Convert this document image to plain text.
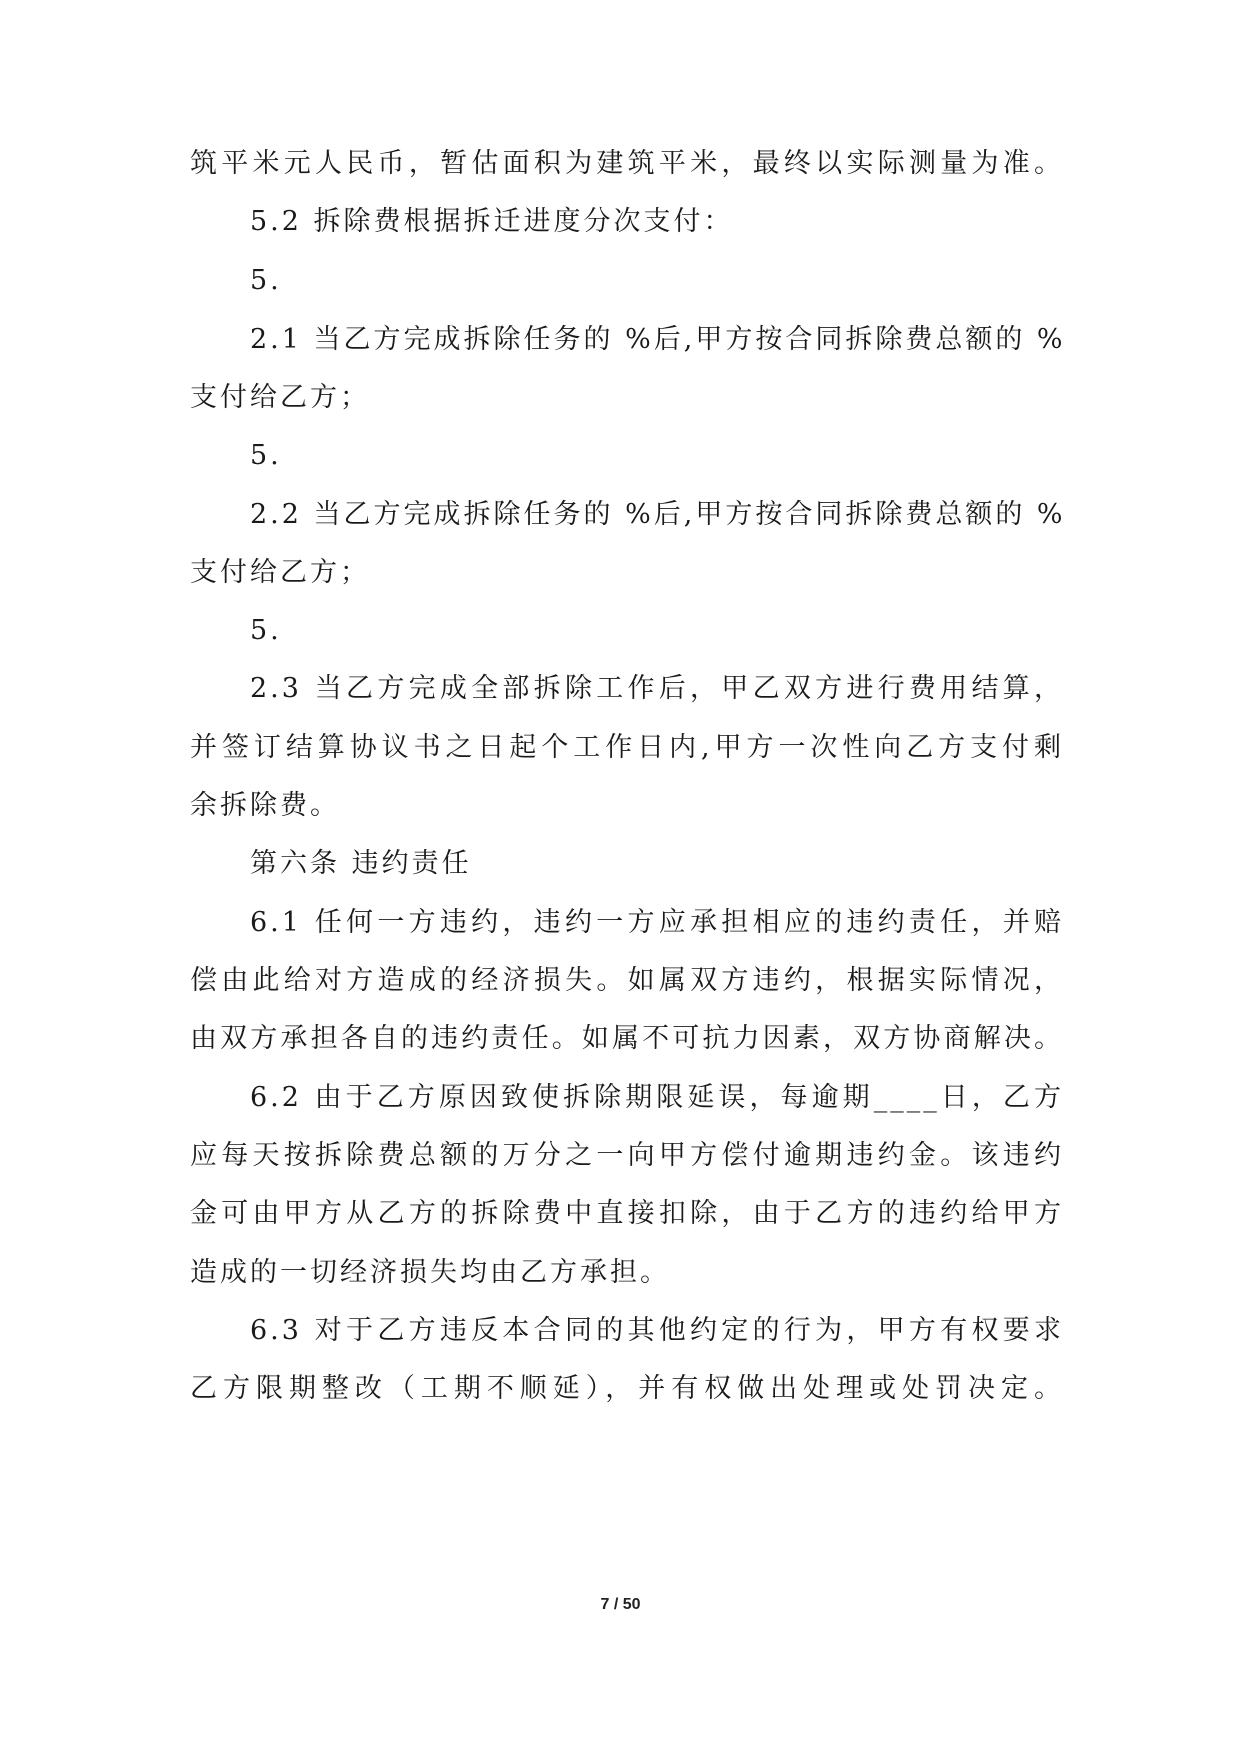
筑平米元人民币，暂估面积为建筑平米，最终以实际测量为准。
5.2 拆除费根据拆迁进度分次支付：
5.
2.1 当乙方完成拆除任务的 %后,甲方按合同拆除费总额的 %
支付给乙方；
5.
2.2 当乙方完成拆除任务的 %后,甲方按合同拆除费总额的 %
支付给乙方；
5.
2.3 当乙方完成全部拆除工作后，甲乙双方进行费用结算，
并签订结算协议书之日起个工作日内,甲方一次性向乙方支付剩
余拆除费。
第六条 违约责任
6.1 任何一方违约，违约一方应承担相应的违约责任，并赔
偿由此给对方造成的经济损失。如属双方违约，根据实际情况，
由双方承担各自的违约责任。如属不可抗力因素，双方协商解决。
6.2 由于乙方原因致使拆除期限延误，每逾期____日，乙方
应每天按拆除费总额的万分之一向甲方偿付逾期违约金。该违约
金可由甲方从乙方的拆除费中直接扣除，由于乙方的违约给甲方
造成的一切经济损失均由乙方承担。
6.3 对于乙方违反本合同的其他约定的行为，甲方有权要求
乙方限期整改（工期不顺延），并有权做出处理或处罚决定。
7 / 50
